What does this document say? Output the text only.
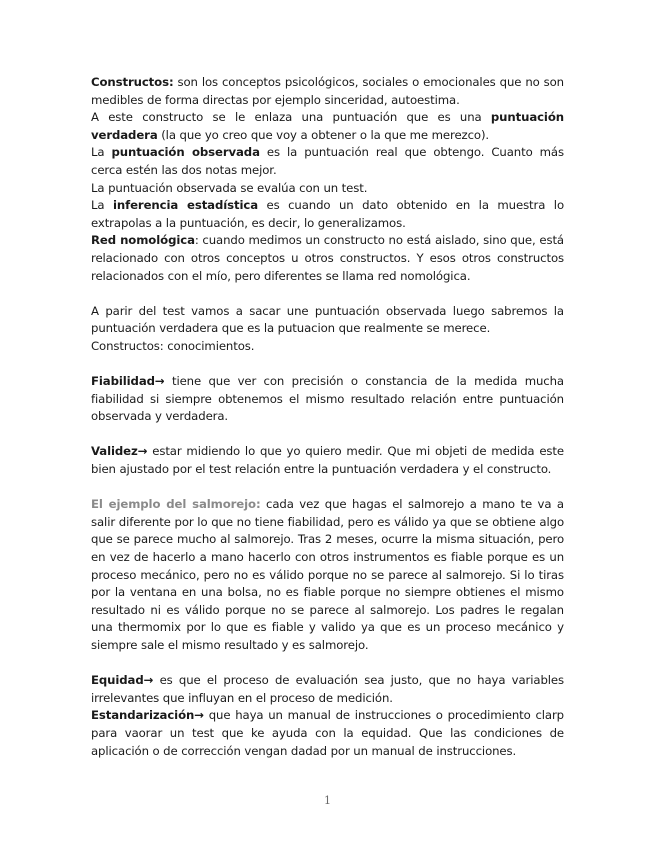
Constructos: son los conceptos psicológicos, sociales o emocionales que no son medibles de forma directas por ejemplo sinceridad, autoestima.

A este constructo se le enlaza una puntuación que es una puntuación verdadera (la que yo creo que voy a obtener o la que me merezco).

La puntuación observada es la puntuación real que obtengo. Cuanto más cerca estén las dos notas mejor.

La puntuación observada se evalúa con un test.

La inferencia estadística es cuando un dato obtenido en la muestra lo extrapolas a la puntuación, es decir, lo generalizamos.

Red nomológica: cuando medimos un constructo no está aislado, sino que, está relacionado con otros conceptos u otros constructos. Y esos otros constructos relacionados con el mío, pero diferentes se llama red nomológica.

A parir del test vamos a sacar une puntuación observada luego sabremos la puntuación verdadera que es la putuacion que realmente se merece.

Constructos: conocimientos.

Fiabilidad→ tiene que ver con precisión o constancia de la medida mucha fiabilidad si siempre obtenemos el mismo resultado relación entre puntuación observada y verdadera.

Validez→ estar midiendo lo que yo quiero medir. Que mi objeti de medida este bien ajustado por el test relación entre la puntuación verdadera y el constructo.

El ejemplo del salmorejo: cada vez que hagas el salmorejo a mano te va a salir diferente por lo que no tiene fiabilidad, pero es válido ya que se obtiene algo que se parece mucho al salmorejo. Tras 2 meses, ocurre la misma situación, pero en vez de hacerlo a mano hacerlo con otros instrumentos es fiable porque es un proceso mecánico, pero no es válido porque no se parece al salmorejo. Si lo tiras por la ventana en una bolsa, no es fiable porque no siempre obtienes el mismo resultado ni es válido porque no se parece al salmorejo. Los padres le regalan una thermomix por lo que es fiable y valido ya que es un proceso mecánico y siempre sale el mismo resultado y es salmorejo.

Equidad→ es que el proceso de evaluación sea justo, que no haya variables irrelevantes que influyan en el proceso de medición.

Estandarización→ que haya un manual de instrucciones o procedimiento clarp para vaorar un test que ke ayuda con la equidad. Que las condiciones de aplicación o de corrección vengan dadad por un manual de instrucciones.

1
